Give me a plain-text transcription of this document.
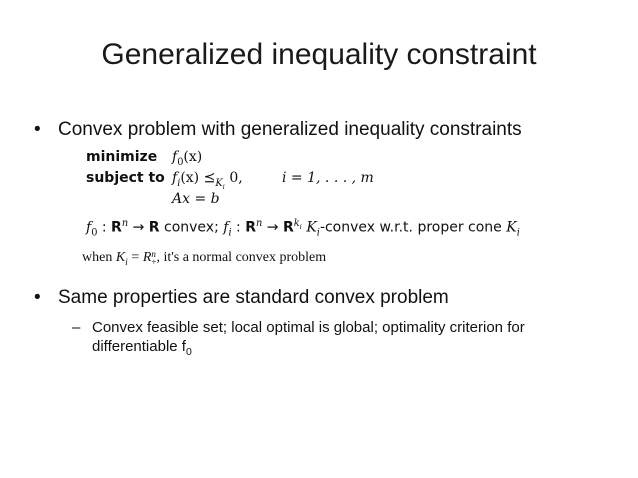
Generalized inequality constraint
• Convex problem with generalized inequality constraints
minimize
subject to
$f_0(x)$
$f_i(x)$ $⪯_{K_i}$ 0,	i = 1, . . . , m
Ax = b
$f_0$ : $R^n \to R$ convex; $f_i$ : $R^n \to R^{k_i}$ $K_i$-convex w.r.t. proper cone $K_i$
when $K_i = R$ n
+ , it's a normal convex problem
• Same properties are standard convex problem
– Convex feasible set; local optimal is global; optimality criterion for differentiable $f_0$
